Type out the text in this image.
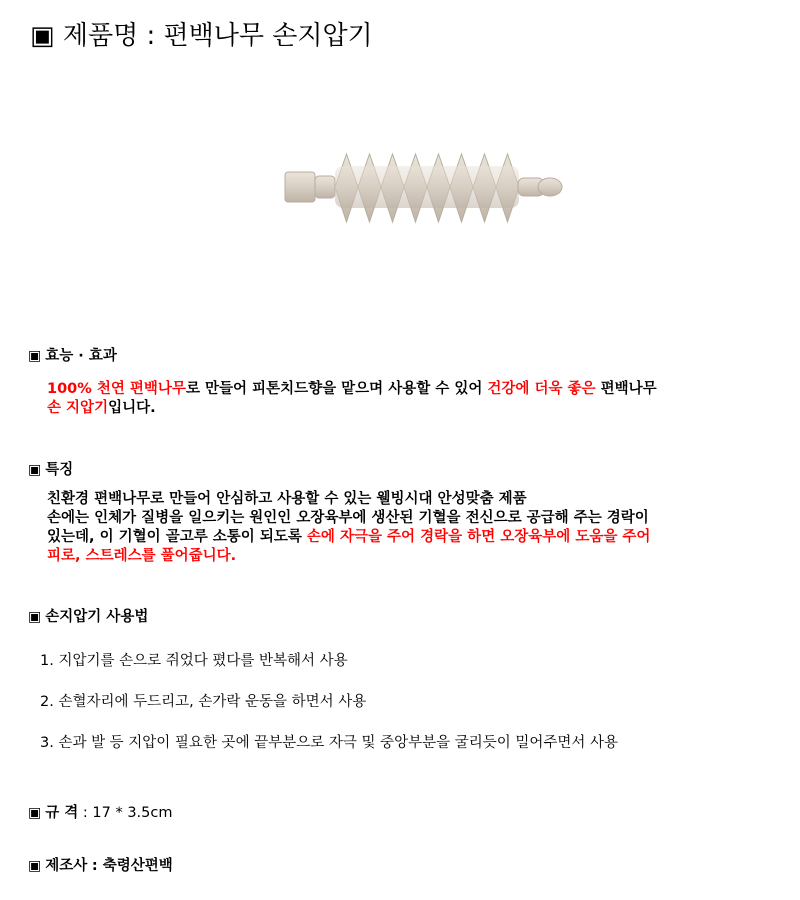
▣ 제품명 : 편백나무 손지압기
▣ 효능 · 효과
100% 천연 편백나무로 만들어 피톤치드향을 맡으며 사용할 수 있어 건강에 더욱 좋은 편백나무
손 지압기입니다.
▣ 특징
친환경 편백나무로 만들어 안심하고 사용할 수 있는 웰빙시대 안성맞춤 제품
손에는 인체가 질병을 일으키는 원인인 오장육부에 생산된 기혈을 전신으로 공급해 주는 경락이
있는데, 이 기혈이 골고루 소통이 되도록 손에 자극을 주어 경락을 하면 오장육부에 도움을 주어
피로, 스트레스를 풀어줍니다.
▣ 손지압기 사용법
1. 지압기를 손으로 쥐었다 폈다를 반복해서 사용
2. 손혈자리에 두드리고, 손가락 운동을 하면서 사용
3. 손과 발 등 지압이 필요한 곳에 끝부분으로 자극 및 중앙부분을 굴리듯이 밀어주면서 사용
▣ 규 격 : 17 * 3.5cm
▣ 제조사 : 축령산편백
